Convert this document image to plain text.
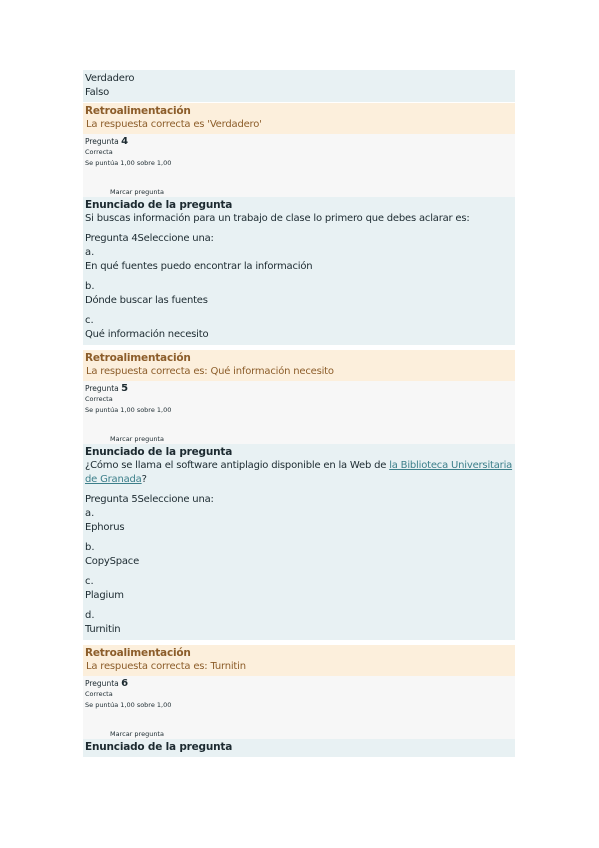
Verdadero
Falso
Retroalimentación
La respuesta correcta es 'Verdadero'
Pregunta 4
Correcta
Se puntúa 1,00 sobre 1,00
Marcar pregunta
Enunciado de la pregunta
Si buscas información para un trabajo de clase lo primero que debes aclarar es:
Pregunta 4Seleccione una:
a.
En qué fuentes puedo encontrar la información
b.
Dónde buscar las fuentes
c.
Qué información necesito
Retroalimentación
La respuesta correcta es: Qué información necesito
Pregunta 5
Correcta
Se puntúa 1,00 sobre 1,00
Marcar pregunta
Enunciado de la pregunta
¿Cómo se llama el software antiplagio disponible en la Web de la Biblioteca Universitaria de Granada?
Pregunta 5Seleccione una:
a.
Ephorus
b.
CopySpace
c.
Plagium
d.
Turnitin
Retroalimentación
La respuesta correcta es: Turnitin
Pregunta 6
Correcta
Se puntúa 1,00 sobre 1,00
Marcar pregunta
Enunciado de la pregunta
